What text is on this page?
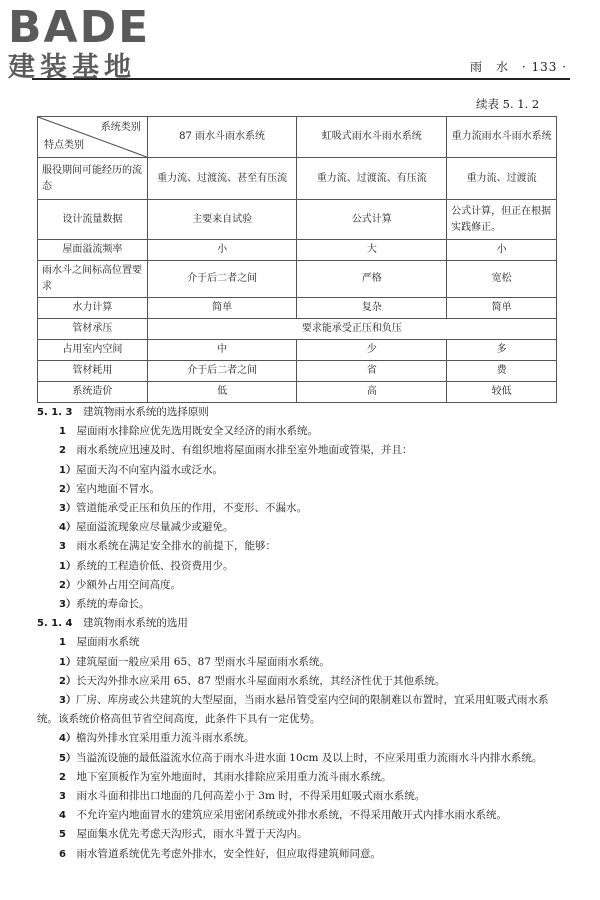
BADE
建装基地	雨　水 · 133 ·
续表 5. 1. 2
系统类别
特点类别	87 雨水斗雨水系统	虹吸式雨水斗雨水系统	重力流雨水斗雨水系统
服役期间可能经历的流态	重力流、过渡流、甚至有压流	重力流、过渡流、有压流	重力流、过渡流
设计流量数据	主要来自试验	公式计算	公式计算，但正在根据实践修正。
屋面溢流频率	小	大	小
雨水斗之间标高位置要求	介于后二者之间	严格	宽松
水力计算	简单	复杂	简单
管材承压	要求能承受正压和负压		
占用室内空间	中	少	多
管材耗用	介于后二者之间	省	费
系统造价	低	高	较低

5. 1. 3　 建筑物雨水系统的选择原则

1　 屋面雨水排除应优先选用既安全又经济的雨水系统。

2　 雨水系统应迅速及时、有组织地将屋面雨水排至室外地面或管渠，并且：

1）屋面天沟不向室内溢水或泛水。

2）室内地面不冒水。

3）管道能承受正压和负压的作用，不变形、不漏水。

4）屋面溢流现象应尽量减少或避免。

3　 雨水系统在满足安全排水的前提下，能够：

1）系统的工程造价低、投资费用少。

2）少额外占用空间高度。

3）系统的寿命长。

5. 1. 4　 建筑物雨水系统的选用

1　 屋面雨水系统

1）建筑屋面一般应采用 65、87 型雨水斗屋面雨水系统。

2）长天沟外排水应采用 65、87 型雨水斗屋面雨水系统，其经济性优于其他系统。

3）厂房、库房或公共建筑的大型屋面，当雨水悬吊管受室内空间的限制难以布置时，宜采用虹吸式雨水系统。该系统价格高但节省空间高度，此条件下具有一定优势。

4）檐沟外排水宜采用重力流斗雨水系统。

5）当溢流设施的最低溢流水位高于雨水斗进水面 10cm 及以上时，不应采用重力流雨水斗内排水系统。

2　 地下室顶板作为室外地面时，其雨水排除应采用重力流斗雨水系统。

3　 雨水斗面和排出口地面的几何高差小于 3m 时，不得采用虹吸式雨水系统。

4　 不允许室内地面冒水的建筑应采用密闭系统或外排水系统，不得采用敞开式内排水雨水系统。

5　 屋面集水优先考虑天沟形式，雨水斗置于天沟内。

6　 雨水管道系统优先考虑外排水，安全性好，但应取得建筑师同意。
